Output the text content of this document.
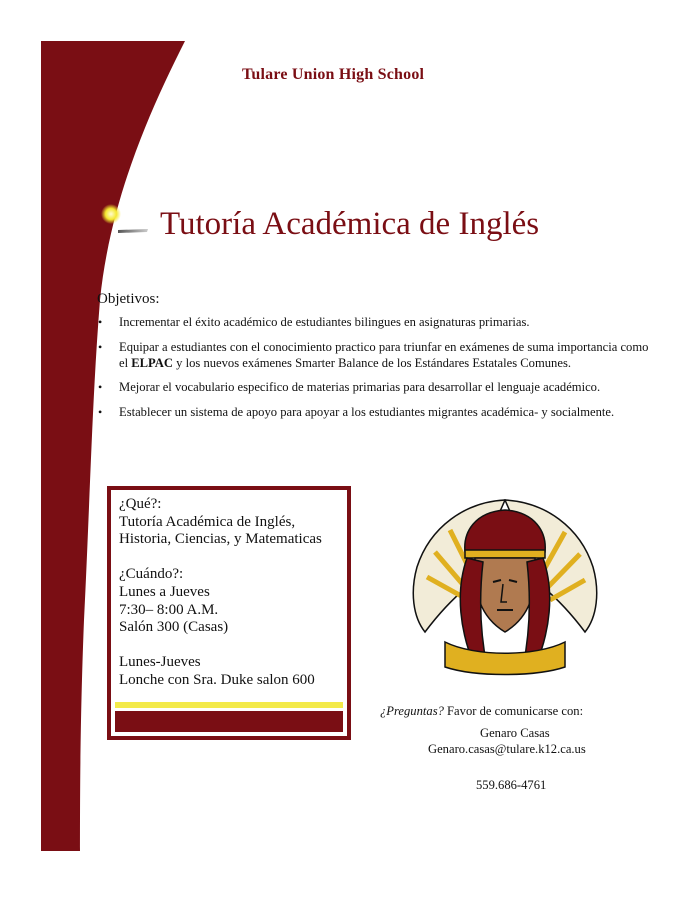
Tulare Union High School
Tutoría Académica de Inglés
Objetivos:
• Incrementar el éxito académico de estudiantes bilingues en asignaturas primarias.
• Equipar a estudiantes con el conocimiento practico para triunfar en exámenes de suma importancia como el ELPAC y los nuevos exámenes Smarter Balance de los Estándares Estatales Comunes.
• Mejorar el vocabulario especifico de materias primarias para desarrollar el lenguaje académico.
• Establecer un sistema de apoyo para apoyar a los estudiantes migrantes académica- y socialmente.
¿Qué?:
Tutoría Académica de Inglés,
Historia, Ciencias, y Matematicas
¿Cuándo?:
Lunes a Jueves
7:30– 8:00 A.M.
Salón 300 (Casas)
Lunes-Jueves
Lonche con Sra. Duke salon 600
¿Preguntas? Favor de comunicarse con:
Genaro Casas
Genaro.casas@tulare.k12.ca.us
559.686-4761
